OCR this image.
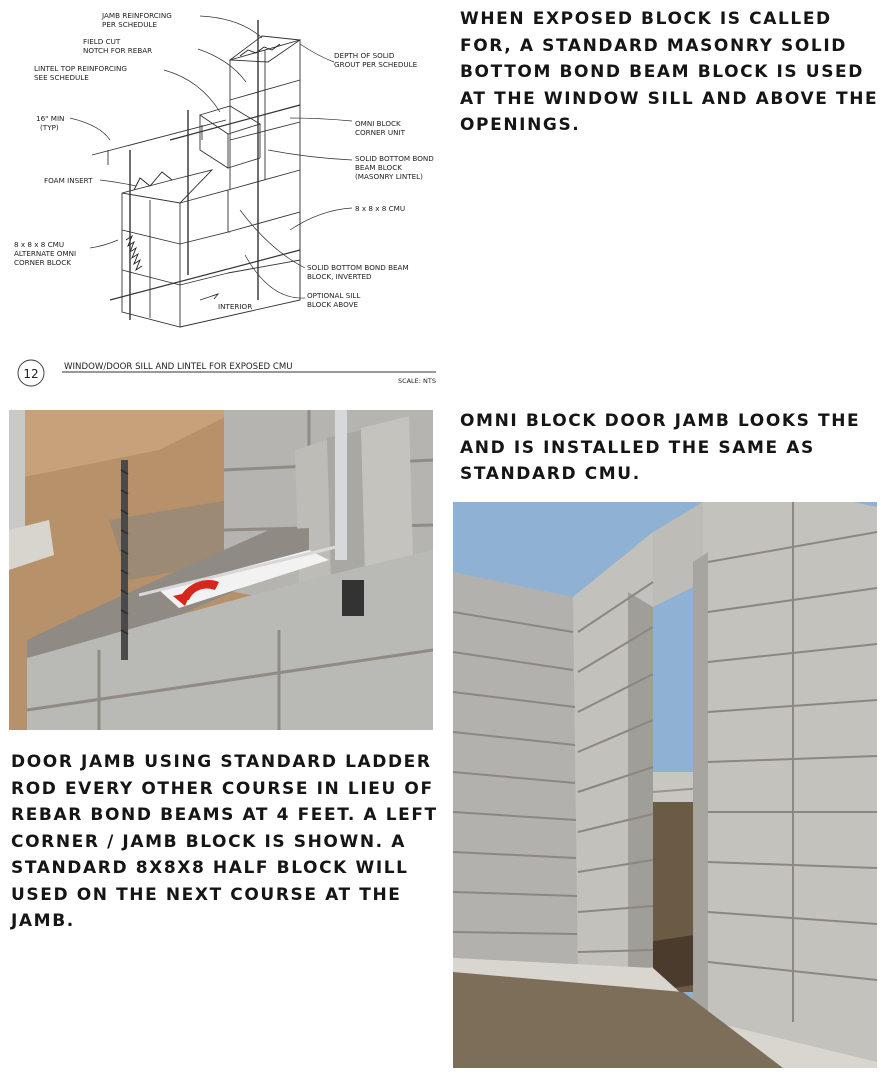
WHEN EXPOSED BLOCK IS CALLED FOR, A STANDARD MASONRY SOLID BOTTOM BOND BEAM BLOCK IS USED AT THE WINDOW SILL AND ABOVE THE OPENINGS.

OMNI BLOCK DOOR JAMB LOOKS THE AND IS INSTALLED THE SAME AS STANDARD CMU.

DOOR JAMB USING STANDARD LADDER ROD EVERY OTHER COURSE IN LIEU OF REBAR BOND BEAMS AT 4 FEET. A LEFT CORNER / JAMB BLOCK IS SHOWN. A STANDARD 8X8X8 HALF BLOCK WILL USED ON THE NEXT COURSE AT THE JAMB.

JAMB REINFORCING
PER SCHEDULE
FIELD CUT
NOTCH FOR REBAR
LINTEL TOP REINFORCING
SEE SCHEDULE
16" MIN
(TYP)
FOAM INSERT
8 x 8 x 8 CMU
ALTERNATE OMNI
CORNER BLOCK
DEPTH OF SOLID
GROUT PER SCHEDULE
OMNI BLOCK
CORNER UNIT
SOLID BOTTOM BOND
BEAM BLOCK
(MASONRY LINTEL)
8 x 8 x 8 CMU
SOLID BOTTOM BOND BEAM
BLOCK, INVERTED
OPTIONAL SILL
BLOCK ABOVE
INTERIOR
12	WINDOW/DOOR SILL AND LINTEL FOR EXPOSED CMU
SCALE: NTS
